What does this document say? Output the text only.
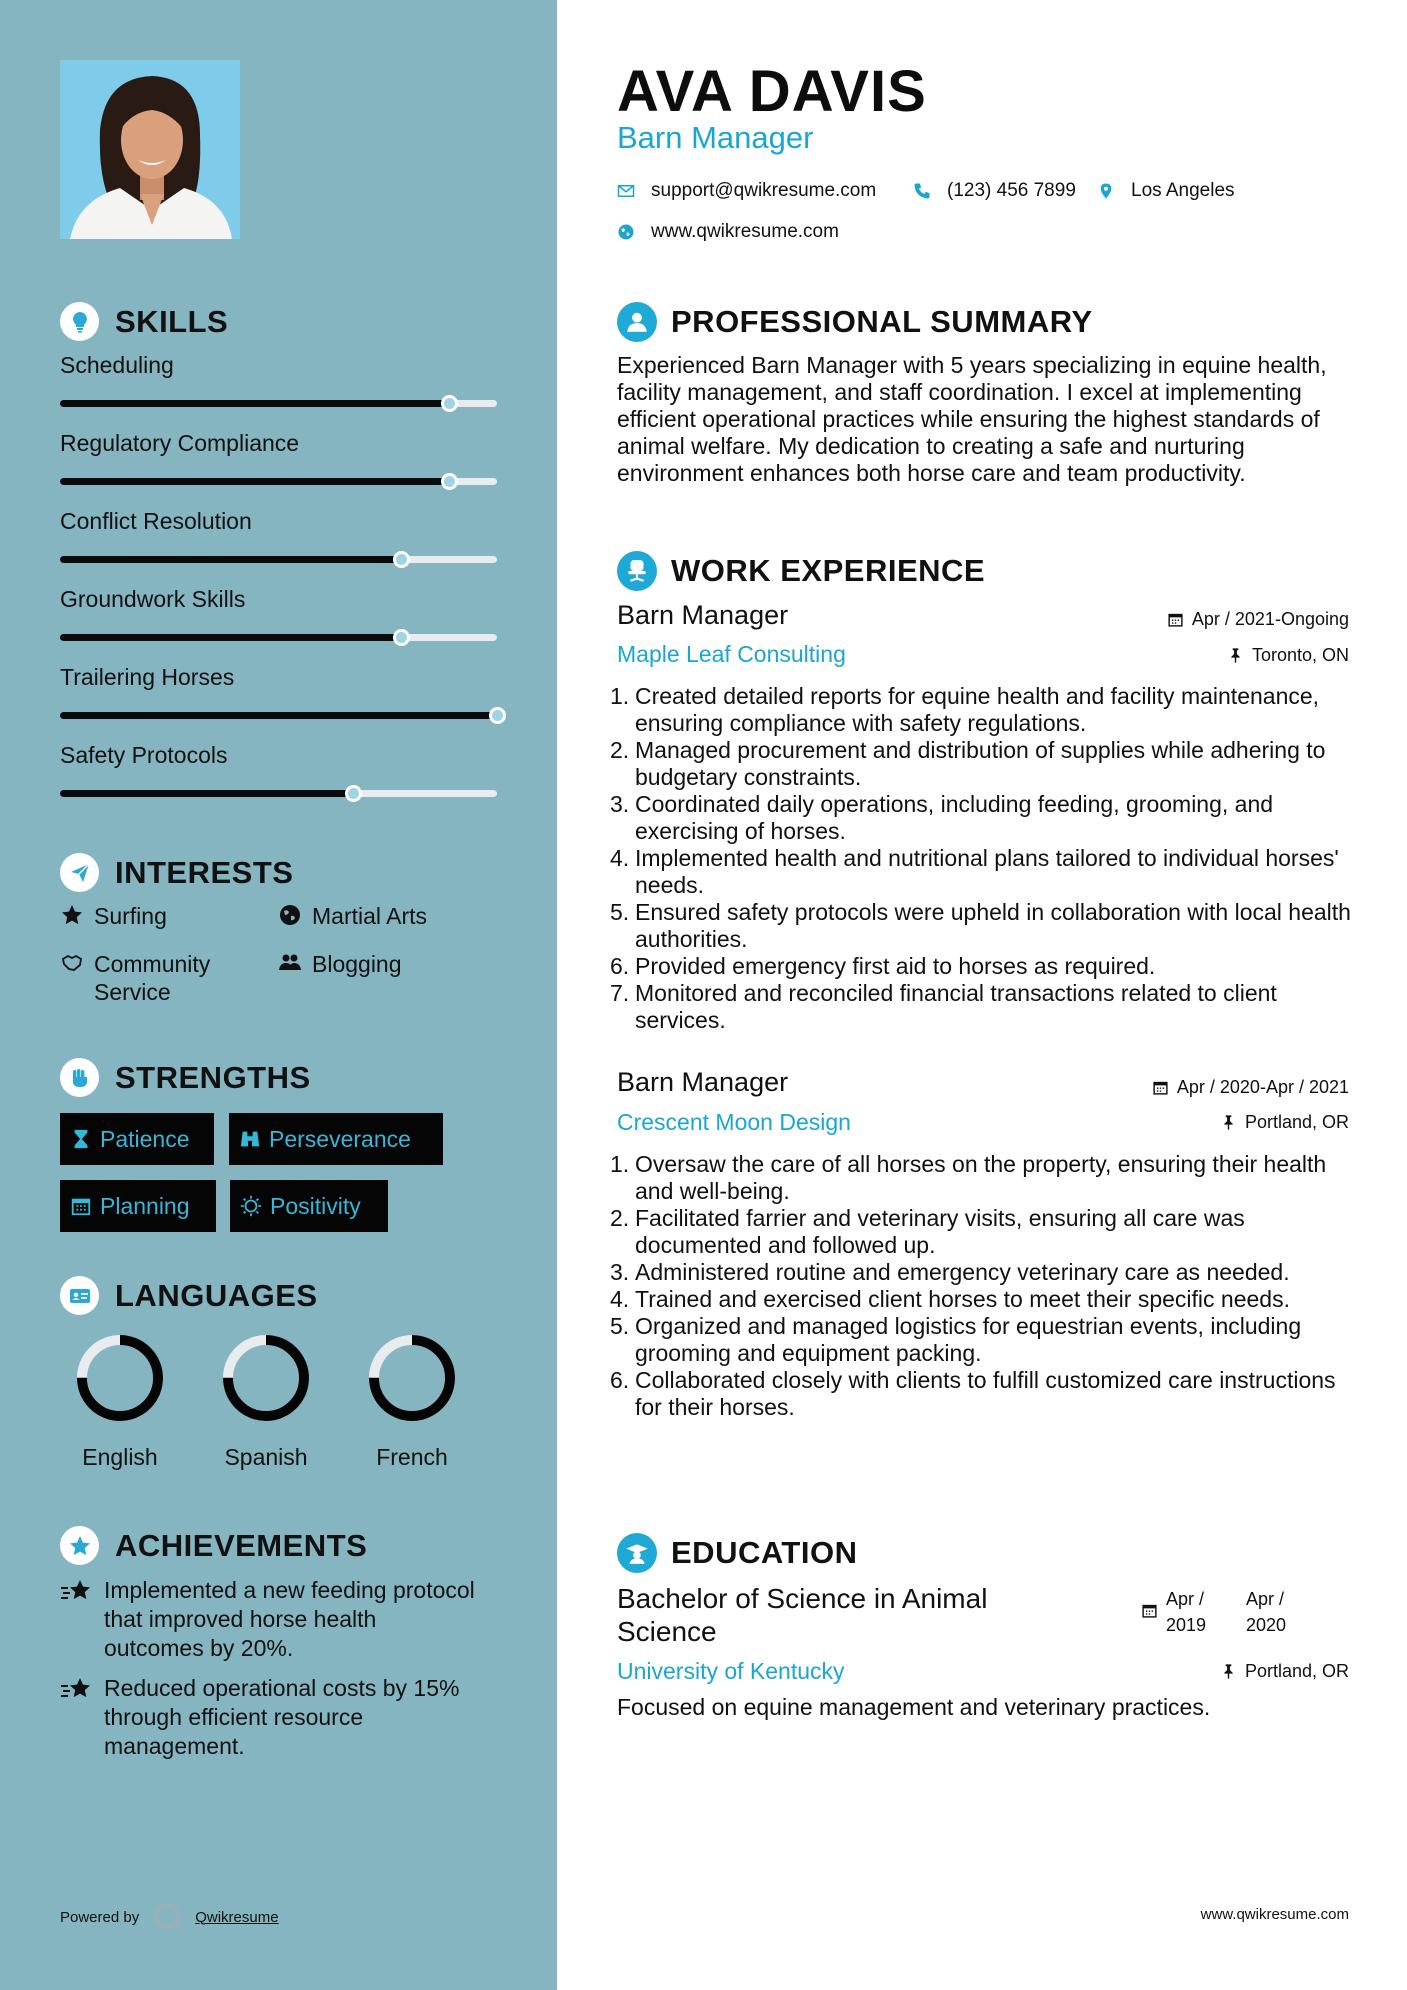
SKILLS
Scheduling
Regulatory Compliance
Conflict Resolution
Groundwork Skills
Trailering Horses
Safety Protocols
INTERESTS
Surfing	Martial Arts
Community Service
Blogging
STRENGTHS
Patience	Perseverance
Planning	Positivity
LANGUAGES
English	Spanish	French
ACHIEVEMENTS
Implemented a new feeding protocol that improved horse health outcomes by 20%.
Reduced operational costs by 15% through efficient resource management.
Powered by	Qwikresume
AVA DAVIS
Barn Manager
support@qwikresume.com	(123) 456 7899	Los Angeles
www.qwikresume.com
PROFESSIONAL SUMMARY
Experienced Barn Manager with 5 years specializing in equine health, facility management, and staff coordination. I excel at implementing efficient operational practices while ensuring the highest standards of animal welfare. My dedication to creating a safe and nurturing environment enhances both horse care and team productivity.
WORK EXPERIENCE
Barn Manager	Apr / 2021-Ongoing
Maple Leaf Consulting	Toronto, ON
1. Created detailed reports for equine health and facility maintenance, ensuring compliance with safety regulations.
2. Managed procurement and distribution of supplies while adhering to budgetary constraints.
3. Coordinated daily operations, including feeding, grooming, and exercising of horses.
4. Implemented health and nutritional plans tailored to individual horses' needs.
5. Ensured safety protocols were upheld in collaboration with local health authorities.
6. Provided emergency first aid to horses as required.
7. Monitored and reconciled financial transactions related to client services.
Barn Manager	Apr / 2020-Apr / 2021
Crescent Moon Design	Portland, OR
1. Oversaw the care of all horses on the property, ensuring their health and well-being.
2. Facilitated farrier and veterinary visits, ensuring all care was documented and followed up.
3. Administered routine and emergency veterinary care as needed.
4. Trained and exercised client horses to meet their specific needs.
5. Organized and managed logistics for equestrian events, including grooming and equipment packing.
6. Collaborated closely with clients to fulfill customized care instructions for their horses.
EDUCATION
Bachelor of Science in Animal Science
Apr / 2019
Apr / 2020
University of Kentucky	Portland, OR
Focused on equine management and veterinary practices.
www.qwikresume.com
